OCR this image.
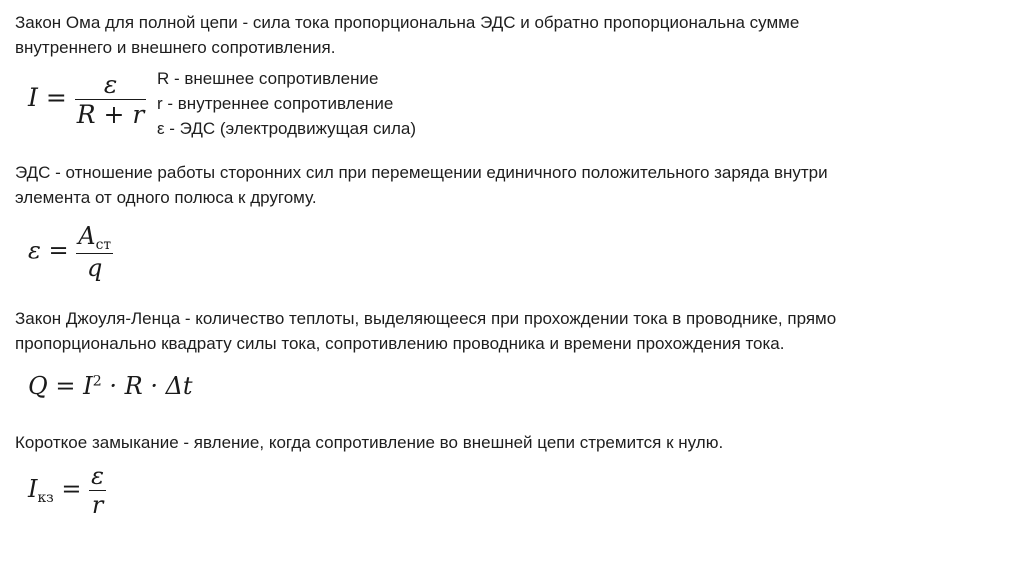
Закон Ома для полной цепи - сила тока пропорциональна ЭДС и обратно пропорциональна сумме
внутреннего и внешнего сопротивления.
$I = \frac{\varepsilon}{R + r}$ R - внешнее сопротивление
r - внутреннее сопротивление
ε - ЭДС (электродвижущая сила)
ЭДС - отношение работы сторонних сил при перемещении единичного положительного заряда внутри
элемента от одного полюса к другому.
$\varepsilon = \frac{A_{ст}}{q}$
Закон Джоуля-Ленца - количество теплоты, выделяющееся при прохождении тока в проводнике, прямо
пропорционально квадрату силы тока, сопротивлению проводника и времени прохождения тока.
$Q = I^2 \cdot R \cdot \Delta t$
Короткое замыкание - явление, когда сопротивление во внешней цепи стремится к нулю.
$I_{кз} = \frac{\varepsilon}{r}$
